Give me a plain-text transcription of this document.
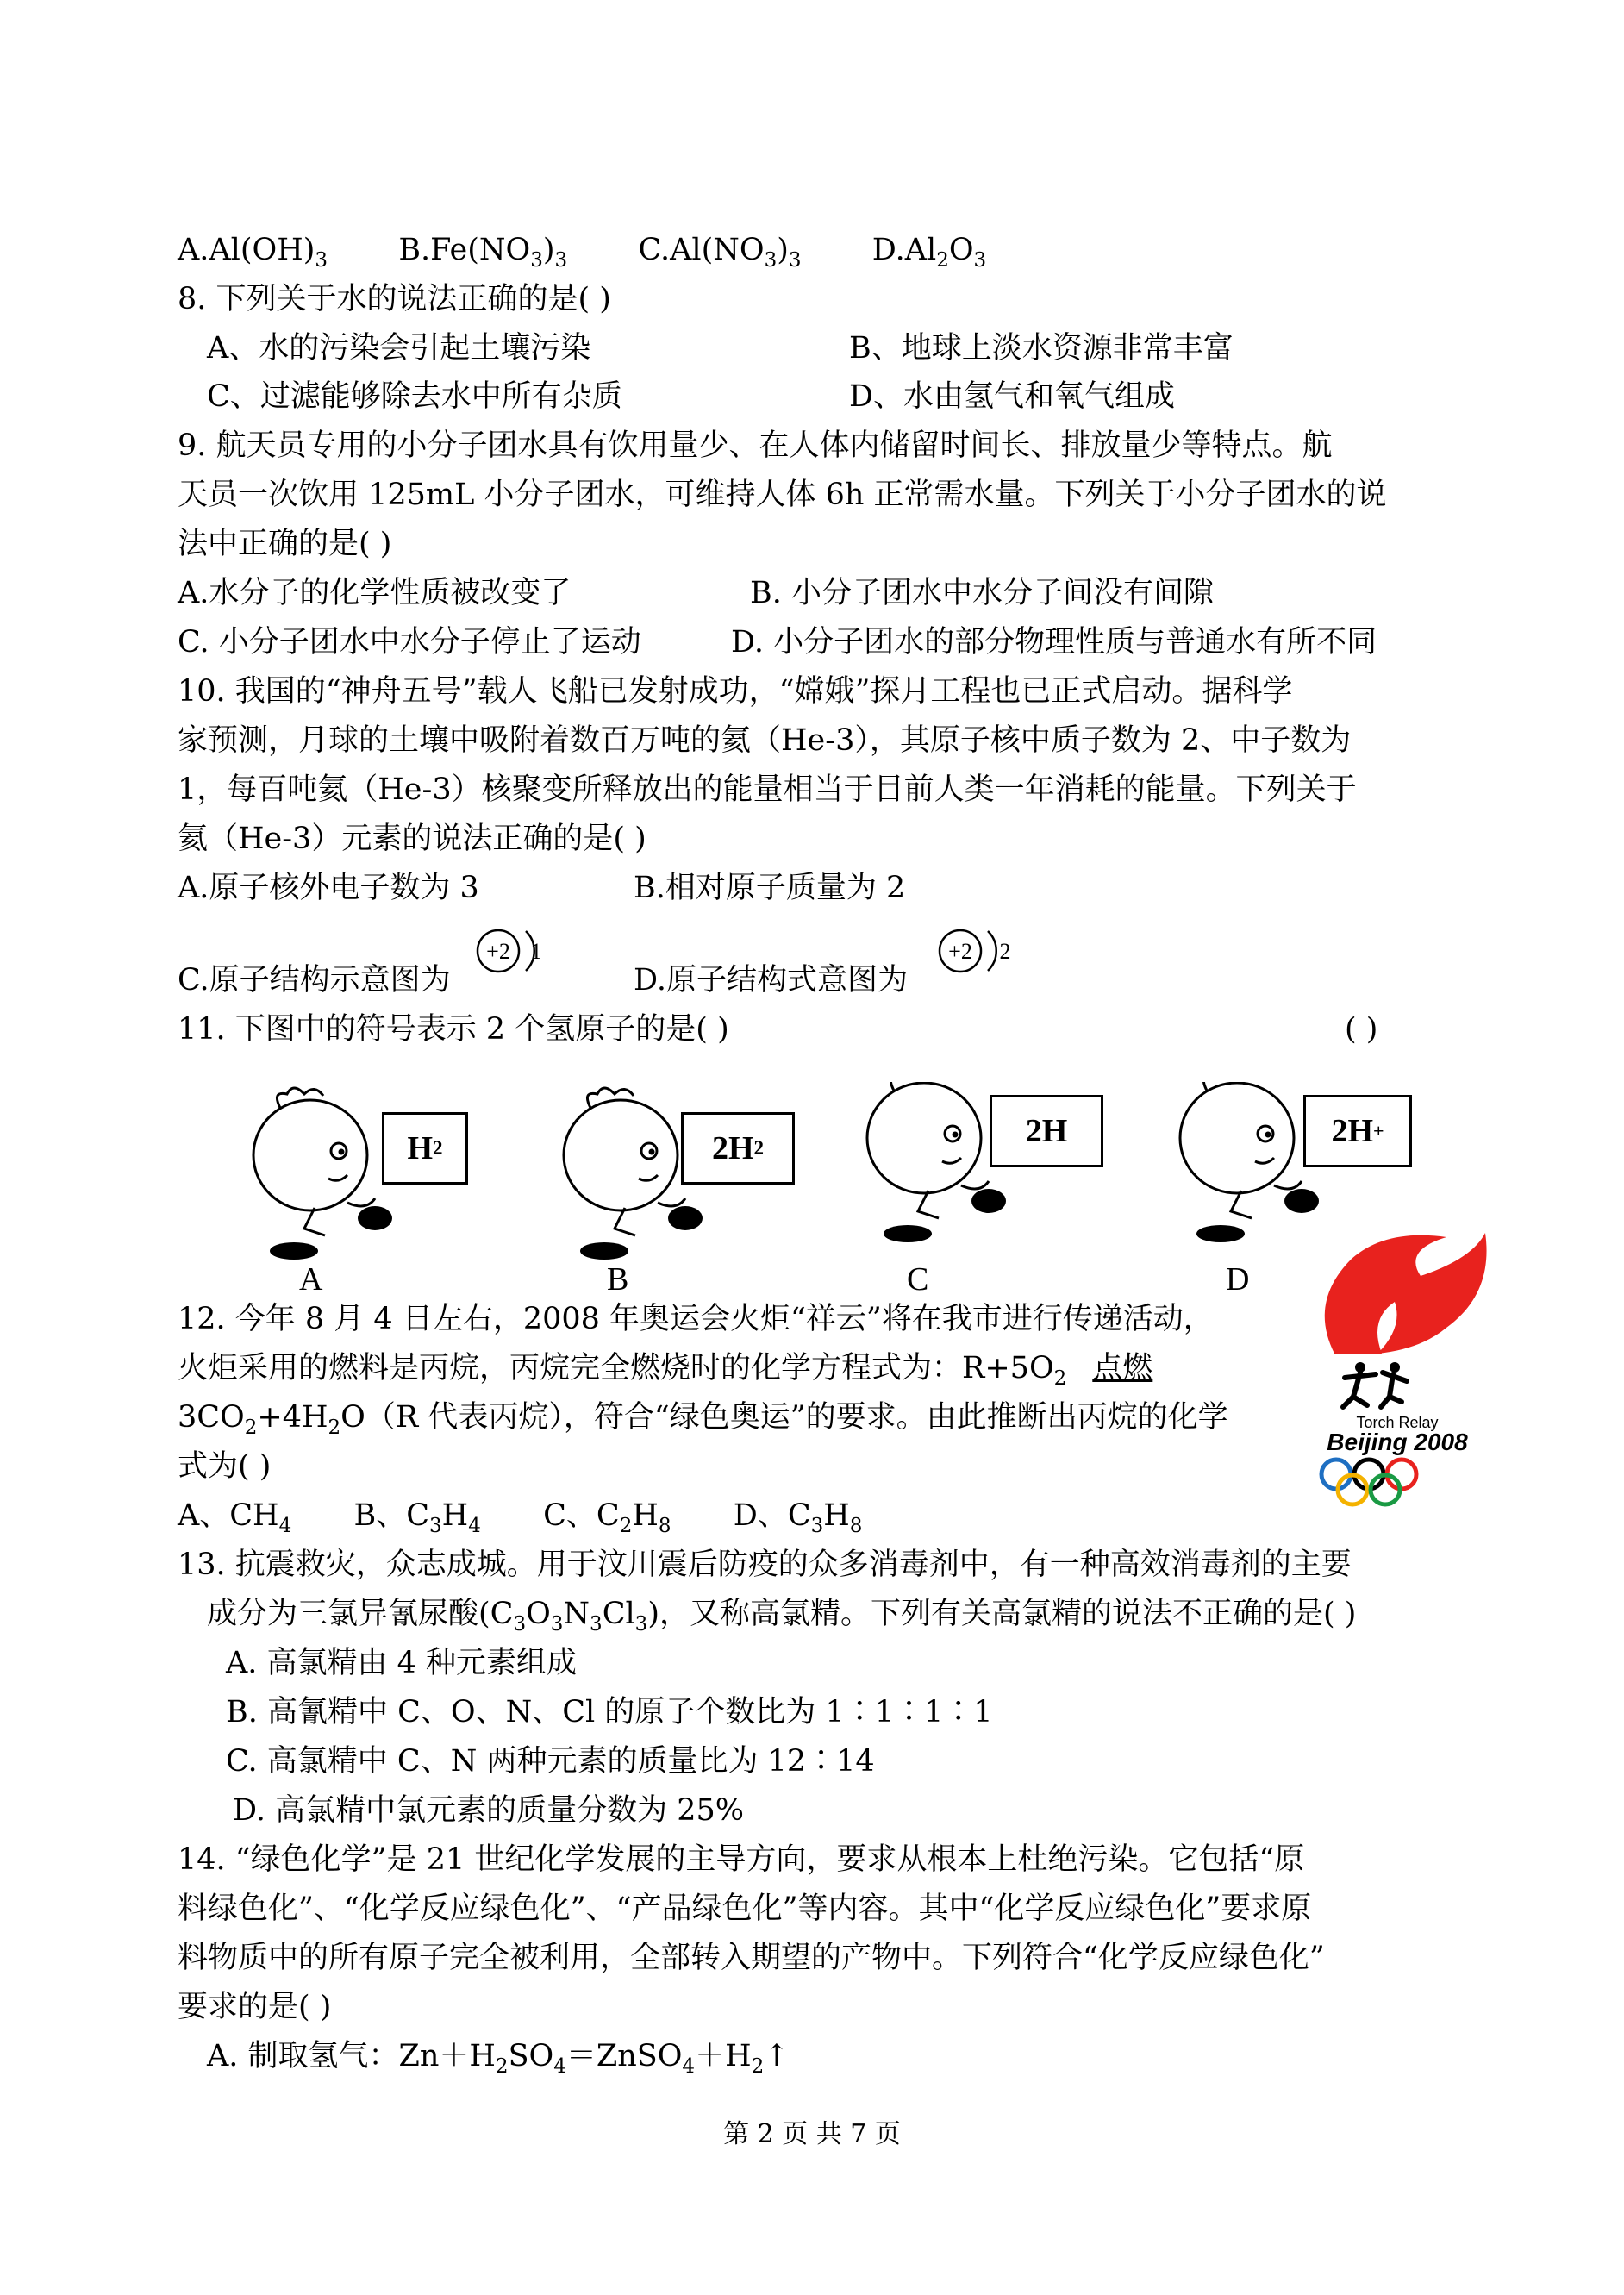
$A.Al(OH)_3$ $B.Fe(NO_3)_3$ $C.Al(NO_3)_3$ $D.Al_2O_3$
8. 下列关于水的说法正确的是( )
A、水的污染会引起土壤污染	B、地球上淡水资源非常丰富
C、过滤能够除去水中所有杂质	D、水由氢气和氧气组成
9. 航天员专用的小分子团水具有饮用量少、在人体内储留时间长、排放量少等特点。航
天员一次饮用 125mL 小分子团水，可维持人体 6h 正常需水量。下列关于小分子团水的说
法中正确的是( )
A.水分子的化学性质被改变了	B. 小分子团水中水分子间没有间隙
C. 小分子团水中水分子停止了运动	D. 小分子团水的部分物理性质与普通水有所不同
10. 我国的“神舟五号”载人飞船已发射成功，“嫦娥”探月工程也已正式启动。据科学
家预测，月球的土壤中吸附着数百万吨的氦（He-3），其原子核中质子数为 2、中子数为
1，每百吨氦（He-3）核聚变所释放出的能量相当于目前人类一年消耗的能量。下列关于
氦（He-3）元素的说法正确的是( )
A.原子核外电子数为 3	B.相对原子质量为 2
C.原子结构示意图为	D.原子结构式意图为
+2 1	+2 2
11. 下图中的符号表示 2 个氢原子的是( )	( )
H 2	2H 2	2H	2H +
A	B	C	D
12. 今年 8 月 4 日左右，2008 年奥运会火炬“祥云”将在我市进行传递活动，
火炬采用的燃料是丙烷，丙烷完全燃烧时的化学方程式为：$R+5O_2$ 点燃
$3CO_2+4H_2O(R$ 代表丙烷），符合“绿色奥运”的要求。由此推断出丙烷的化学
式为( )
A、$CH_4$ B、$C_3H_4$ C、$C_2H_8$ D、$C_3H_8$
Torch Relay
Beijing 2008
13. 抗震救灾，众志成城。用于汶川震后防疫的众多消毒剂中，有一种高效消毒剂的主要
成分为三氯异氰尿酸$(C_3O_3N_3Cl_3)$，又称高氯精。下列有关高氯精的说法不正确的是( )
A. 高氯精由 4 种元素组成
B. 高氰精中 C、O、N、Cl 的原子个数比为 1∶1∶1∶1
C. 高氯精中 C、N 两种元素的质量比为 12∶14
D. 高氯精中氯元素的质量分数为 25%
14. “绿色化学”是 21 世纪化学发展的主导方向，要求从根本上杜绝污染。它包括“原
料绿色化”、“化学反应绿色化”、“产品绿色化”等内容。其中“化学反应绿色化”要求原
料物质中的所有原子完全被利用，全部转入期望的产物中。下列符合“化学反应绿色化”
要求的是( )
A. 制取氢气：$Zn+H_2SO_4=ZnSO_4+H_2↑$
第 2 页 共 7 页
